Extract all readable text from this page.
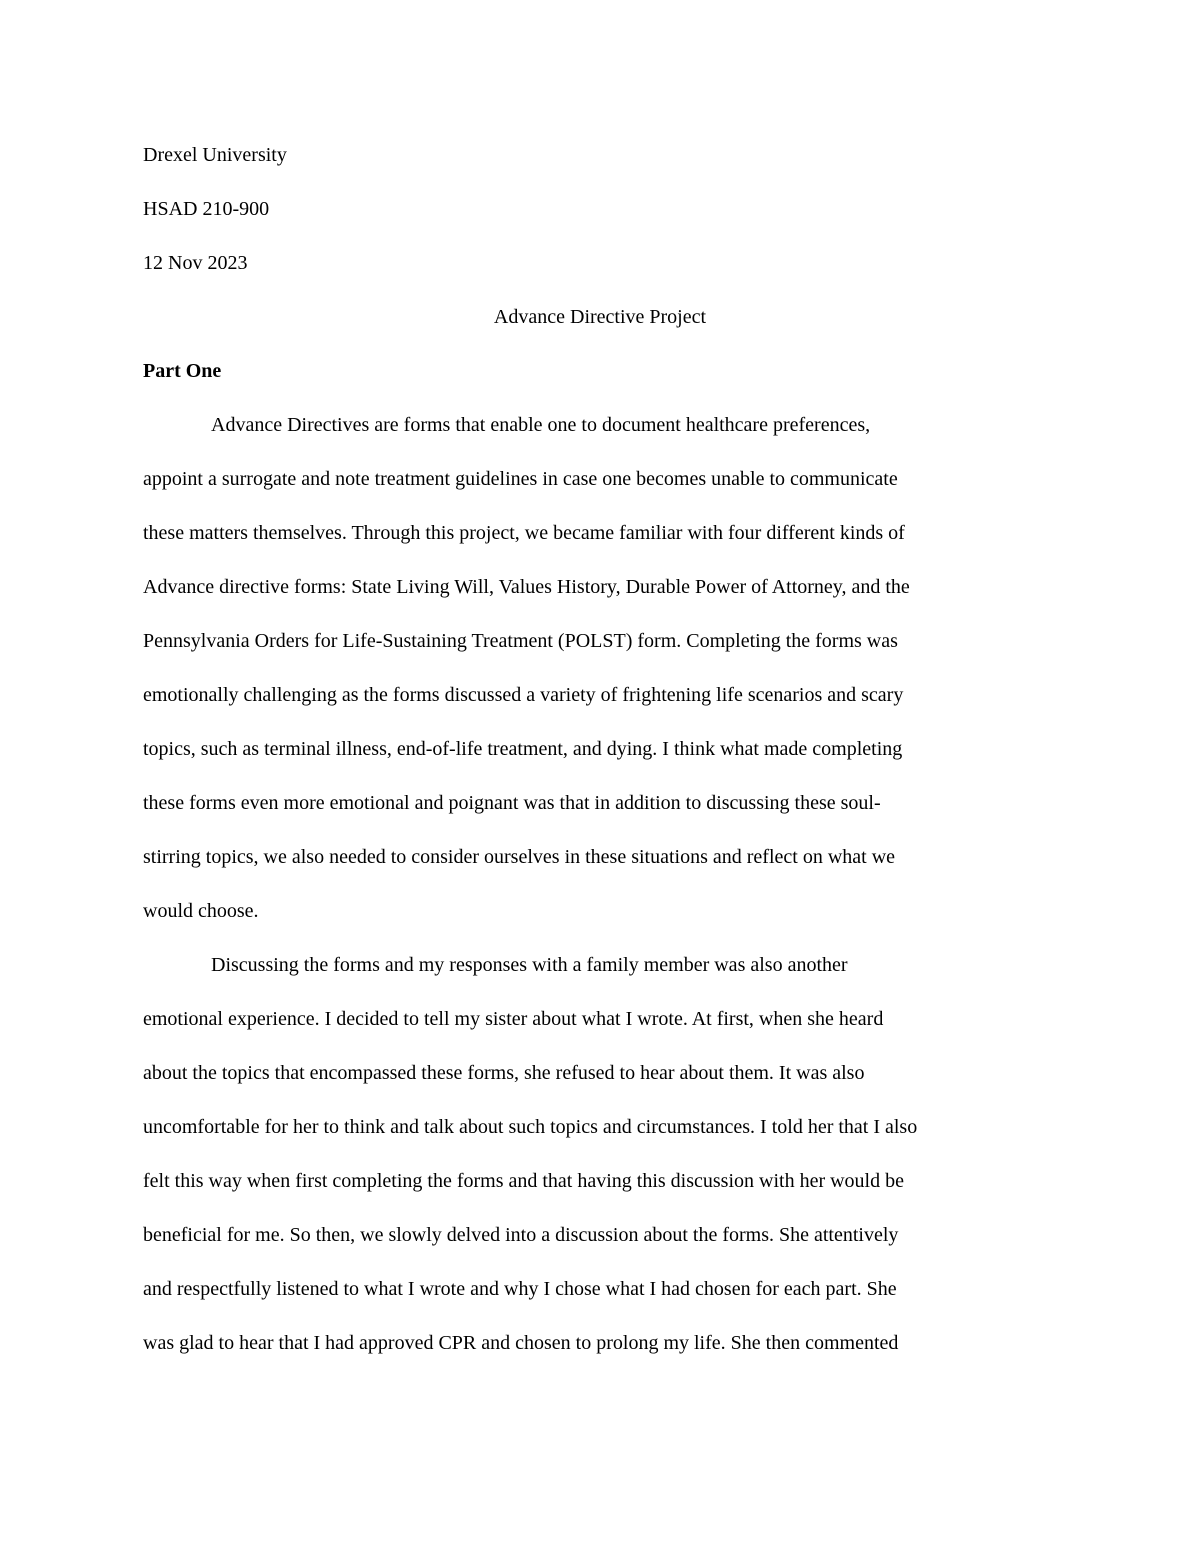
Drexel University
HSAD 210-900
12 Nov 2023
Advance Directive Project
Part One
Advance Directives are forms that enable one to document healthcare preferences,
appoint a surrogate and note treatment guidelines in case one becomes unable to communicate
these matters themselves. Through this project, we became familiar with four different kinds of
Advance directive forms: State Living Will, Values History, Durable Power of Attorney, and the
Pennsylvania Orders for Life-Sustaining Treatment (POLST) form. Completing the forms was
emotionally challenging as the forms discussed a variety of frightening life scenarios and scary
topics, such as terminal illness, end-of-life treatment, and dying. I think what made completing
these forms even more emotional and poignant was that in addition to discussing these soul-
stirring topics, we also needed to consider ourselves in these situations and reflect on what we
would choose.
Discussing the forms and my responses with a family member was also another
emotional experience. I decided to tell my sister about what I wrote. At first, when she heard
about the topics that encompassed these forms, she refused to hear about them. It was also
uncomfortable for her to think and talk about such topics and circumstances. I told her that I also
felt this way when first completing the forms and that having this discussion with her would be
beneficial for me. So then, we slowly delved into a discussion about the forms. She attentively
and respectfully listened to what I wrote and why I chose what I had chosen for each part. She
was glad to hear that I had approved CPR and chosen to prolong my life. She then commented
